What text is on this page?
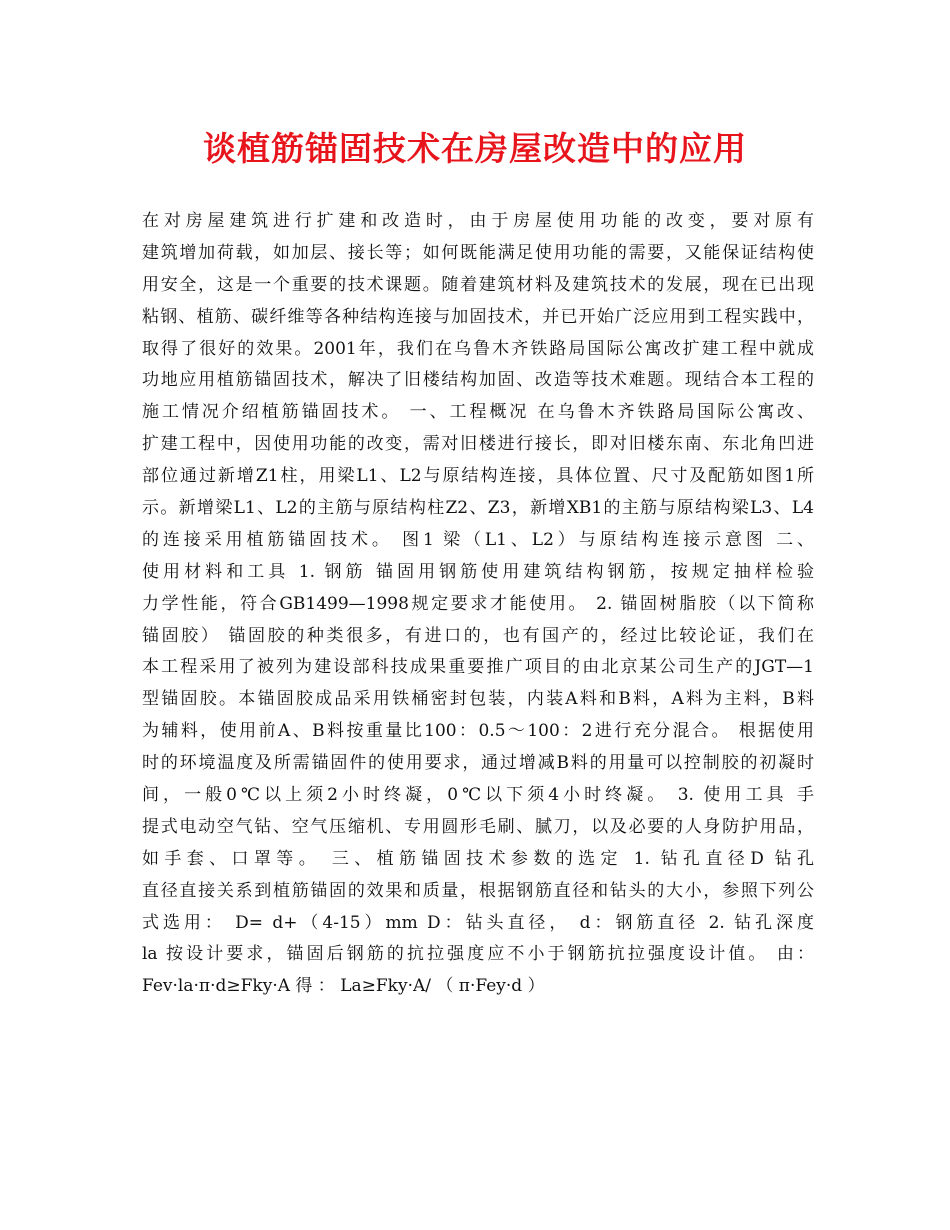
谈植筋锚固技术在房屋改造中的应用
在对房屋建筑进行扩建和改造时，由于房屋使用功能的改变，要对原有
建筑增加荷载，如加层、接长等；如何既能满足使用功能的需要，又能保证结构使
用安全，这是一个重要的技术课题。随着建筑材料及建筑技术的发展，现在已出现
粘钢、植筋、碳纤维等各种结构连接与加固技术，并已开始广泛应用到工程实践中，
取得了很好的效果。2001年，我们在乌鲁木齐铁路局国际公寓改扩建工程中就成
功地应用植筋锚固技术，解决了旧楼结构加固、改造等技术难题。现结合本工程的
施工情况介绍植筋锚固技术。 一、工程概况 在乌鲁木齐铁路局国际公寓改、
扩建工程中，因使用功能的改变，需对旧楼进行接长，即对旧楼东南、东北角凹进
部位通过新增Z1柱，用梁L1、L2与原结构连接，具体位置、尺寸及配筋如图1所
示。新增梁L1、L2的主筋与原结构柱Z2、Z3，新增XB1的主筋与原结构梁L3、L4
的连接采用植筋锚固技术。 图1 梁（L1、L2）与原结构连接示意图 二、
使用材料和工具 1. 钢筋 锚固用钢筋使用建筑结构钢筋，按规定抽样检验
力学性能，符合GB1499—1998规定要求才能使用。 2. 锚固树脂胶（以下简称
锚固胶） 锚固胶的种类很多，有进口的，也有国产的，经过比较论证，我们在
本工程采用了被列为建设部科技成果重要推广项目的由北京某公司生产的JGT—1
型锚固胶。本锚固胶成品采用铁桶密封包装，内装A料和B料，A料为主料，B料
为辅料，使用前A、B料按重量比100：0.5～100：2进行充分混合。 根据使用
时的环境温度及所需锚固件的使用要求，通过增减B料的用量可以控制胶的初凝时
间，一般0℃以上须2小时终凝，0℃以下须4小时终凝。 3. 使用工具 手
提式电动空气钻、空气压缩机、专用圆形毛刷、腻刀，以及必要的人身防护用品，
如手套、口罩等。 三、植筋锚固技术参数的选定 1. 钻孔直径D 钻孔
直径直接关系到植筋锚固的效果和质量，根据钢筋直径和钻头的大小，参照下列公
式选用： D= d+（4-15）mm D：钻头直径， d：钢筋直径 2. 钻孔深度
la 按设计要求，锚固后钢筋的抗拉强度应不小于钢筋抗拉强度设计值。 由：
Fev·la·π·d≥Fky·A 得 ： La≥Fky·A/ （ π·Fey·d ）
